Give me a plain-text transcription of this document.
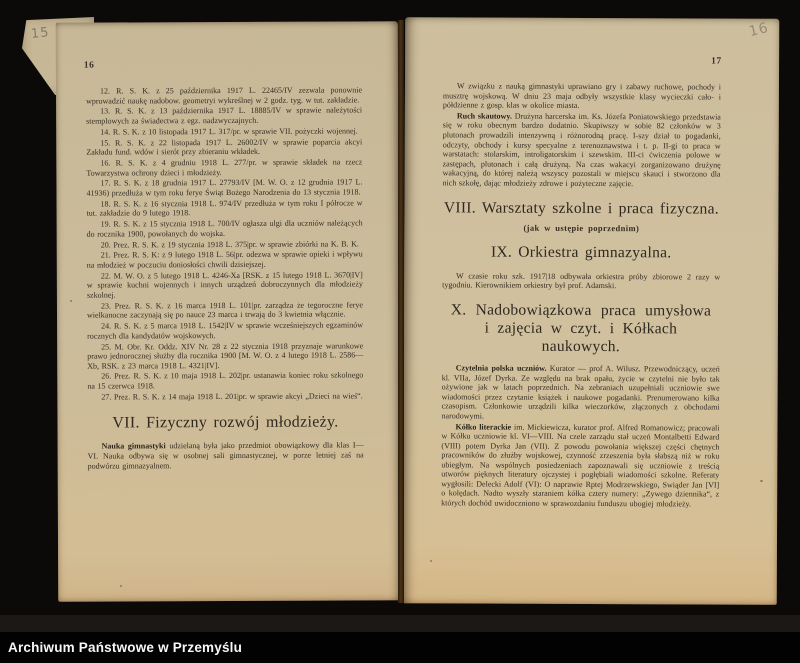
15	16
16

12. R. S. K. z 25 października 1917 L. 22465/IV zezwala ponownie wprowadzić naukę nadobow. geometryi wykreślnej w 2 godz. tyg. w tut. zakładzie.

13. R. S. K. z 13 października 1917 L. 18885/IV w sprawie należytości stemplowych za świadectwa z egz. nadzwyczajnych.

14. R. S. K. z 10 listopada 1917 L. 317/pr. w sprawie VII. pożyczki wojennej.

15. R. S. K. z 22 listopada 1917 L. 26002/IV w sprawie poparcia akcyi Zakładu fund. wdów i sierót przy zbieraniu wkładek.

16. R. S. K. z 4 grudniu 1918 L. 277/pr. w sprawie składek na rzecz Towarzystwa ochrony dzieci i młodzieży.

17. R. S. K. z 18 grudnia 1917 L. 27793/IV [M. W. O. z 12 grudnia 1917 L. 41936) przedłuża w tym roku ferye Świąt Bożego Narodzenia do 13 stycznia 1918.

18. R. S. K. z 16 stycznia 1918 L. 974/IV przedłuża w tym roku I półrocze w tut. zakładzie do 9 lutego 1918.

19. R. S. K. z 15 stycznia 1918 L. 700/IV ogłasza ulgi dla uczniów należących do rocznika 1900, powołanych do wojska.

20. Prez. R. S. K. z 19 stycznia 1918 L. 375|pr. w sprawie zbiórki na K. B. K.

21. Prez. R. S. K: z 9 lutego 1918 L. 56|pr. odezwa w sprawie opieki i wpływu na młodzież w poczuciu doniosłości chwili dzisiejszej.

22. M. W. O. z 5 lutego 1918 L. 4246-Xa [RSK. z 15 lutego 1918 L. 3670|IV] w sprawie kuchni wojennych i innych urządzeń dobroczynnych dla młodzieży szkolnej.

23. Prez. R. S. K. z 16 marca 1918 L. 101|pr. zarządza że tegoroczne ferye wielkanocne zaczynają się po nauce 23 marca i trwają do 3 kwietnia włącznie.

24. R. S. K. z 5 marca 1918 L. 1542|IV w sprawie wcześniejszych egzaminów rocznych dla kandydatów wojskowych.

25. M. Obr. Kr. Oddz. XIV Nr. 28 z 22 stycznia 1918 przyznaje warunkowe prawo jednorocznej służby dla rocznika 1900 [M. W. O. z 4 lutego 1918 L. 2586—Xb, RSK. z 23 marca 1918 L. 4321|IV].

26. Prez. R. S. K. z 10 maja 1918 L. 202|pr. ustanawia koniec roku szkolnego na 15 czerwca 1918.

27. Prez. R. S. K. z 14 maja 1918 L. 201|pr. w sprawie akcyi „Dzieci na wieś“.

VII. Fizyczny rozwój młodzieży.

Nauka gimnastyki udzielaną była jako przedmiot obowiązkowy dla klas I—VI. Nauka odbywa się w osobnej sali gimnastycznej, w porze letniej zaś na podwórzu gimnazyalnem.

17

W związku z nauką gimnastyki uprawiano gry i zabawy ruchowe, pochody i musztrę wojskową. W dniu 23 maja odbyły wszystkie klasy wycieczki cało- i półdzienne z gosp. klas w okolice miasta.

Ruch skautowy. Drużyna harcerska im. Ks. Józefa Poniatowskiego przedstawia się w roku obecnym bardzo dodatnio. Skupiwszy w sobie 82 członków w 3 plutonach prowadzili intenzywną i różnorodną pracę. I-szy dział to pogadanki, odczyty, obchody i kursy specyalne z terenoznawstwa i t. p. II-gi to praca w warstatach: stolarskim, introligatorskim i szewskim. III-ci ćwiczenia polowe w zastępach, plutonach i całą drużyną. Na czas wakacyi zorganizowano drużynę wakacyjną, do której należą wszyscy pozostali w miejscu skauci i stworzono dla nich szkołę, dając młodzieży zdrowe i pożyteczne zajęcie.

VIII. Warsztaty szkolne i praca fizyczna.

(jak w ustępie poprzednim)

IX. Orkiestra gimnazyalna.

W czasie roku szk. 1917|18 odbywała orkiestra próby zbiorowe 2 razy w tygodniu. Kierownikiem orkiestry był prof. Adamski.

X. Nadobowiązkowa praca umysłowa

i zajęcia w czyt. i Kółkach naukowych.

Czytelnia polska uczniów. Kurator — prof A. Wilusz. Przewodniczący, uczeń kl. VIIa, Józef Dyrka. Ze względu na brak opału, życie w czytelni nie było tak ożywione jak w latach poprzednich. Na zebraniach uzupełniali uczniowie swe wiadomości przez czytanie książek i naukowe pogadanki. Prenumerowano kilka czasopism. Członkowie urządzili kilka wieczorków, złączonych z obchodami narodowymi.

Kółko literackie im. Mickiewicza, kurator prof. Alfred Romanowicz; pracowali w Kółku uczniowie kl. VI—VIII. Na czele zarządu stał uczeń Montalbetti Edward (VIII) potem Dyrka Jan (VII). Z powodu powołania większej części chętnych pracowników do złużby wojskowej, czynność zrzeszenia była słabszą niż w roku ubiegłym. Na wspólnych posiedzeniach zapoznawali się uczniowie z treścią utworów pięknych literatury ojczystej i pogłębiali wiadomości szkolne. Referaty wygłosili: Delecki Adolf (VI): O naprawie Rptej Modrzewskiego, Swiąder Jan [VI] o kolędach. Nadto wyszły staraniem kółka cztery numery: „Zywego dziennika“, z których dochód uwidoczniono w sprawozdaniu funduszu ubogiej młodzieży.

Archiwum Państwowe w Przemyślu
